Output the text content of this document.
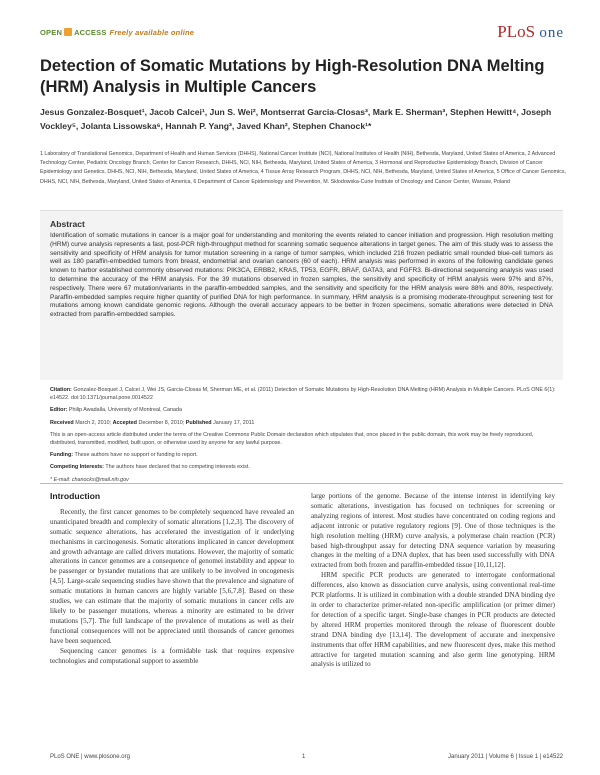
OPEN ACCESS Freely available online	PLoS one
Detection of Somatic Mutations by High-Resolution DNA Melting (HRM) Analysis in Multiple Cancers
Jesus Gonzalez-Bosquet¹, Jacob Calcei¹, Jun S. Wei², Montserrat Garcia-Closas³, Mark E. Sherman³, Stephen Hewitt⁴, Joseph Vockley⁵, Jolanta Lissowska⁶, Hannah P. Yang³, Javed Khan², Stephen Chanock¹*
1 Laboratory of Translational Genomics, Department of Health and Human Services (DHHS), National Cancer Institute (NCI), National Institutes of Health (NIH), Bethesda, Maryland, United States of America, 2 Advanced Technology Center, Pediatric Oncology Branch, Center for Cancer Research, DHHS, NCI, NIH, Bethesda, Maryland, United States of America, 3 Hormonal and Reproductive Epidemiology Branch, Division of Cancer Epidemiology and Genetics, DHHS, NCI, NIH, Bethesda, Maryland, United States of America, 4 Tissue Array Research Program, DHHS, NCI, NIH, Bethesda, Maryland, United States of America, 5 Office of Cancer Genomics, DHHS, NCI, NIH, Bethesda, Maryland, United States of America, 6 Department of Cancer Epidemiology and Prevention, M. Sklodowska-Curie Institute of Oncology and Cancer Center, Warsaw, Poland
Abstract
Identification of somatic mutations in cancer is a major goal for understanding and monitoring the events related to cancer initiation and progression. High resolution melting (HRM) curve analysis represents a fast, post-PCR high-throughput method for scanning somatic sequence alterations in target genes. The aim of this study was to assess the sensitivity and specificity of HRM analysis for tumor mutation screening in a range of tumor samples, which included 216 frozen pediatric small rounded blue-cell tumors as well as 180 paraffin-embedded tumors from breast, endometrial and ovarian cancers (60 of each). HRM analysis was performed in exons of the following candidate genes known to harbor established commonly observed mutations: PIK3CA, ERBB2, KRAS, TP53, EGFR, BRAF, GATA3, and FGFR3. Bi-directional sequencing analysis was used to determine the accuracy of the HRM analysis. For the 39 mutations observed in frozen samples, the sensitivity and specificity of HRM analysis were 97% and 87%, respectively. There were 67 mutation/variants in the paraffin-embedded samples, and the sensitivity and specificity for the HRM analysis were 88% and 80%, respectively. Paraffin-embedded samples require higher quantity of purified DNA for high performance. In summary, HRM analysis is a promising moderate-throughput screening test for mutations among known candidate genomic regions. Although the overall accuracy appears to be better in frozen specimens, somatic alterations were detected in DNA extracted from paraffin-embedded samples.

Citation: Gonzalez-Bosquet J, Calcei J, Wei JS, Garcia-Closas M, Sherman ME, et al. (2011) Detection of Somatic Mutations by High-Resolution DNA Melting (HRM) Analysis in Multiple Cancers. PLoS ONE 6(1): e14522. doi:10.1371/journal.pone.0014522

Editor: Philip Awadalla, University of Montreal, Canada

Received March 2, 2010; Accepted December 8, 2010; Published January 17, 2011

This is an open-access article distributed under the terms of the Creative Commons Public Domain declaration which stipulates that, once placed in the public domain, this work may be freely reproduced, distributed, transmitted, modified, built upon, or otherwise used by anyone for any lawful purpose.

Funding: These authors have no support or funding to report.

Competing Interests: The authors have declared that no competing interests exist.

* E-mail: chanocks@mail.nih.gov

Introduction

Recently, the first cancer genomes to be completely sequenced have revealed an unanticipated breadth and complexity of somatic alterations [1,2,3]. The discovery of somatic sequence alterations, has accelerated the investigation of ir underlying mechanisms in carcinogenesis. Somatic alterations implicated in cancer development and growth advantage are called drivers mutations. However, the majority of somatic alterations in cancer genomes are a consequence of genomei instability and appear to be passenger or bystander mutations that are unlikely to be involved in oncogenesis [4,5]. Large-scale sequencing studies have shown that the prevalence and signature of somatic mutations in human cancers are highly variable [5,6,7,8]. Based on these studies, we can estimate that the majority of somatic mutations in cancer cells are likely to be passenger mutations, whereas a minority are estimated to be driver mutations [5,7]. The full landscape of the prevalence of mutations as well as their functional consequences will not be appreciated until thousands of cancer genomes have been sequenced.

Sequencing cancer genomes is a formidable task that requires expensive technologies and computational support to assemble

large portions of the genome. Because of the intense interest in identifying key somatic alterations, investigation has focused on techniques for screening or analyzing regions of interest. Most studies have concentrated on coding regions and adjacent intronic or putative regulatory regions [9]. One of those techniques is the high resolution melting (HRM) curve analysis, a polymerase chain reaction (PCR) based high-throughput assay for detecting DNA sequence variation by measuring changes in the melting of a DNA duplex, that has been used successfully with DNA extracted from both frozen and paraffin-embedded tissue [10,11,12].

HRM specific PCR products are generated to interrogate conformational differences, also known as dissociation curve analysis, using conventional real-time PCR platforms. It is utilized in combination with a double stranded DNA binding dye in order to characterize primer-related non-specific amplification (or primer dimer) for detection of a specific target. Single-base changes in PCR products are detected by altered HRM properties monitored through the release of fluorescent double strand DNA binding dye [13,14]. The development of accurate and inexpensive instruments that offer HRM capabilities, and new fluorescent dyes, make this method attractive for targeted mutation scanning and also germ line genotyping. HRM analysis is utilized to

PLoS ONE | www.plosone.org	1	January 2011 | Volume 6 | Issue 1 | e14522
